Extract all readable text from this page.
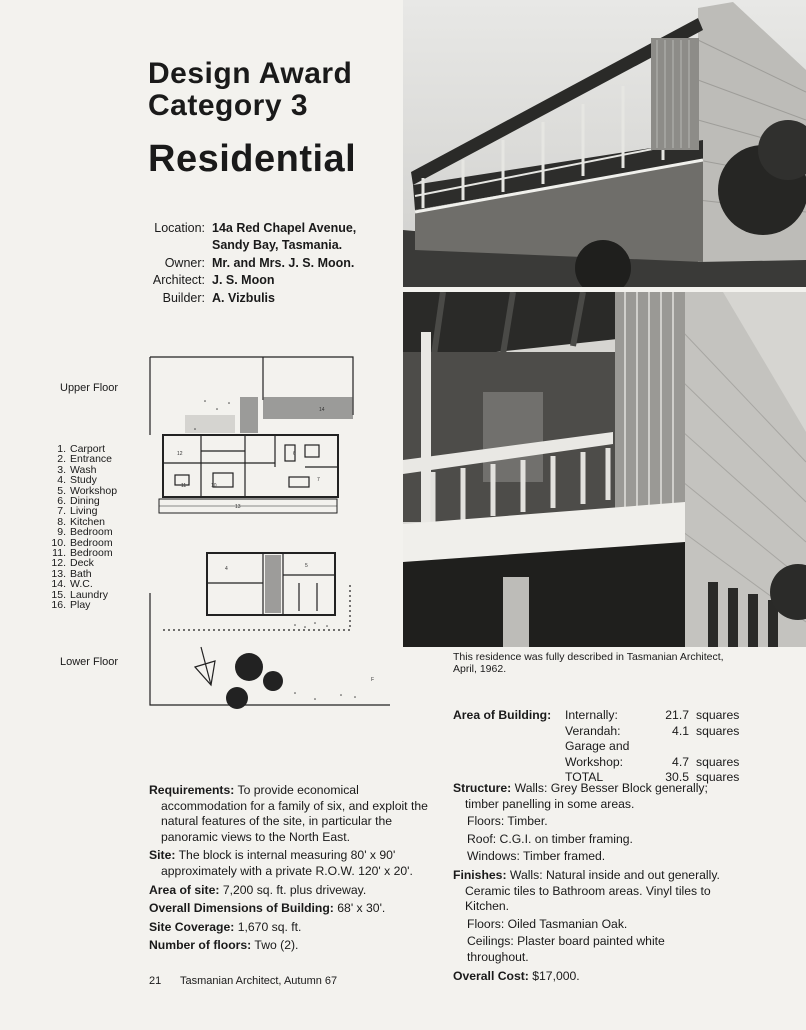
Design Award
Category 3
Residential
Location: 14a Red Chapel Avenue,
Sandy Bay, Tasmania.
Owner: Mr. and Mrs. J. S. Moon.
Architect: J. S. Moon
Builder: A. Vizbulis
This residence was fully described in Tasmanian Architect,
April, 1962.
Upper Floor
Lower Floor
1. Carport
2. Entrance
3. Wash
4. Study
5. Workshop
6. Dining
7. Living
8. Kitchen
9. Bedroom
10. Bedroom
11. Bedroom
12. Deck
13. Bath
14. W.C.
15. Laundry
16. Play
14
12
10
11
6
7
13
4	5
F
Requirements: To provide economical accommodation for a family of six, and exploit the natural features of the site, in particular the panoramic views to the North East.
Site: The block is internal measuring 80' x 90' approximately with a private R.O.W. 120' x 20'.
Area of site: 7,200 sq. ft. plus driveway.
Overall Dimensions of Building: 68' x 30'.
Site Coverage: 1,670 sq. ft.
Number of floors: Two (2).
Area of Building: Internally:	21.7 squares
Verandah:	4.1 squares
Garage and
Workshop:	4.7 squares
TOTAL	30.5 squares
Structure: Walls: Grey Besser Block generally; timber panelling in some areas.
Floors: Timber.
Roof: C.G.I. on timber framing.
Windows: Timber framed.
Finishes: Walls: Natural inside and out generally. Ceramic tiles to Bathroom areas. Vinyl tiles to Kitchen.
Floors: Oiled Tasmanian Oak.
Ceilings: Plaster board painted white throughout.
Overall Cost: $17,000.
21 Tasmanian Architect, Autumn 67
